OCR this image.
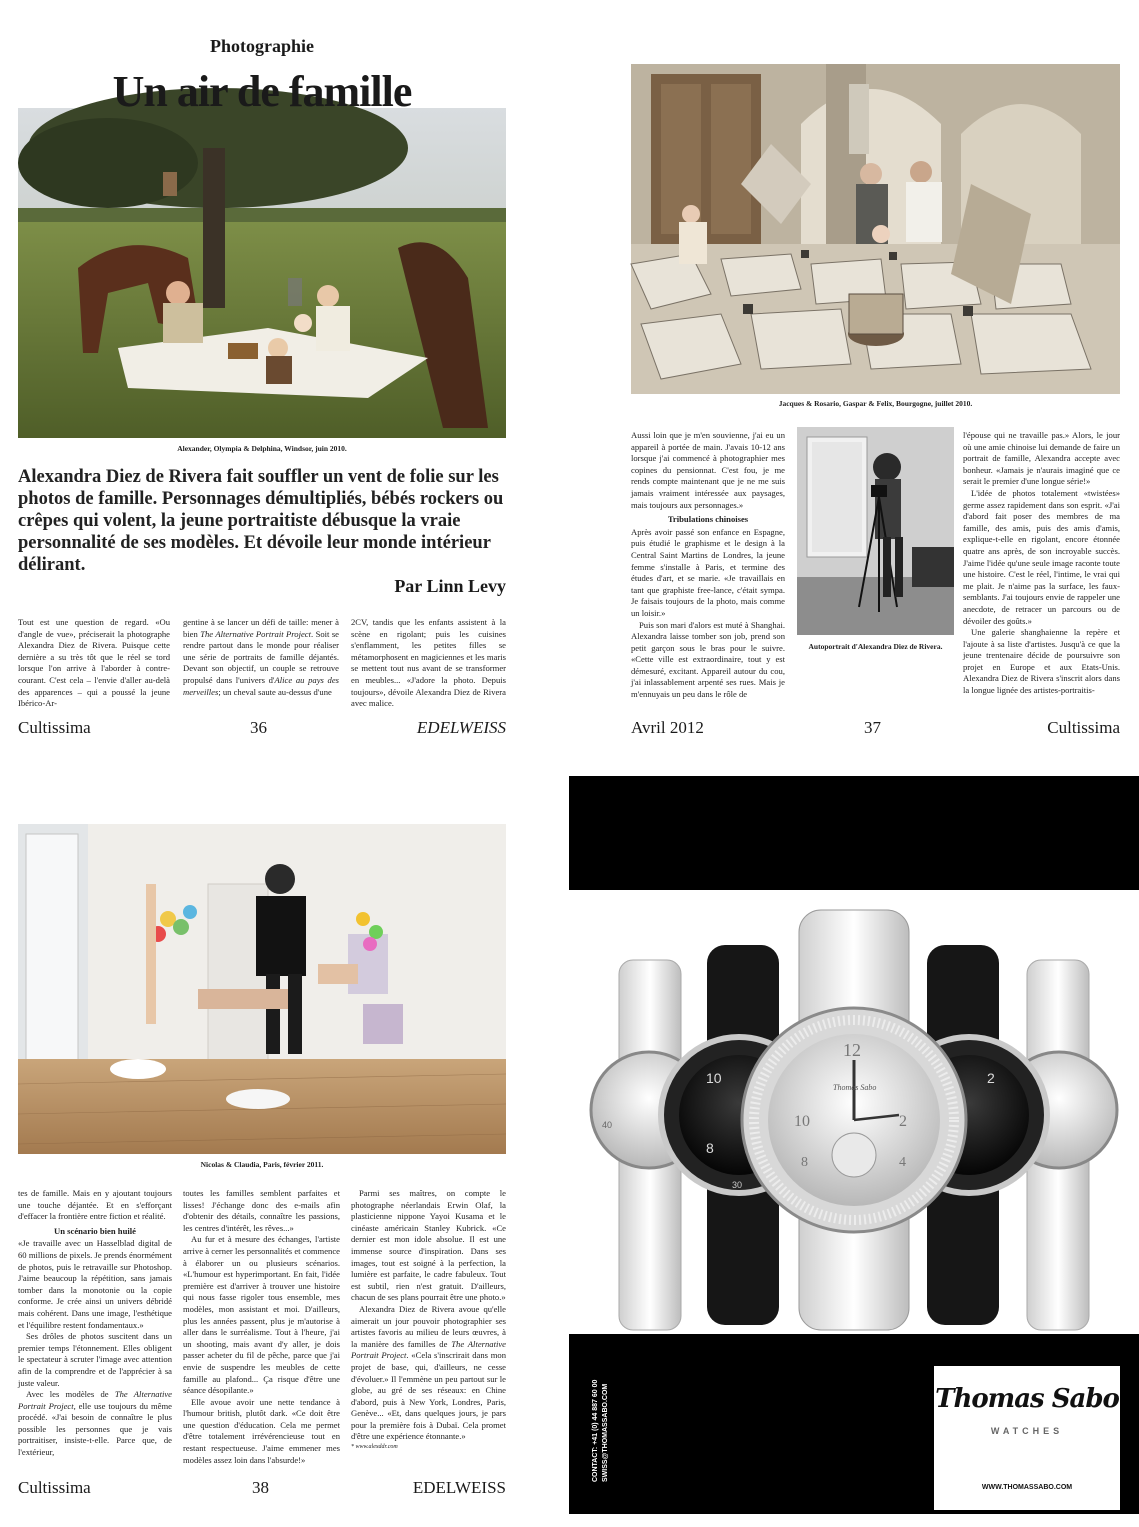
Photographie
Un air de famille
Alexander, Olympia & Delphina, Windsor, juin 2010.
Alexandra Diez de Rivera fait souffler un vent de folie sur les photos de famille. Personnages démultipliés, bébés rockers ou crêpes qui volent, la jeune portraitiste débusque la vraie personnalité de ses modèles. Et dévoile leur monde intérieur délirant.
Par Linn Levy

Tout est une question de regard. «Ou d'angle de vue», préciserait la photographe Alexandra Diez de Rivera. Puisque cette dernière a su très tôt que le réel se tord lorsque l'on arrive à l'aborder à contre-courant. C'est cela – l'envie d'aller au-delà des apparences – qui a poussé la jeune Ibérico-Ar-

gentine à se lancer un défi de taille: mener à bien The Alternative Portrait Project. Soit se rendre partout dans le monde pour réaliser une série de portraits de famille déjantés. Devant son objectif, un couple se retrouve propulsé dans l'univers d'Alice au pays des merveilles; un cheval saute au-dessus d'une

2CV, tandis que les enfants assistent à la scène en rigolant; puis les cuisines s'enflamment, les petites filles se métamorphosent en magiciennes et les maris se mettent tout nus avant de se transformer en meubles... «J'adore la photo. Depuis toujours», dévoile Alexandra Diez de Rivera avec malice.

Cultissima	36	EDELWEISS
Jacques & Rosario, Gaspar & Felix, Bourgogne, juillet 2010.

Aussi loin que je m'en souvienne, j'ai eu un appareil à portée de main. J'avais 10-12 ans lorsque j'ai commencé à photographier mes copines du pensionnat. C'est fou, je me rends compte maintenant que je ne me suis jamais vraiment intéressée aux paysages, mais toujours aux personnages.»

Tribulations chinoises

Après avoir passé son enfance en Espagne, puis étudié le graphisme et le design à la Central Saint Martins de Londres, la jeune femme s'installe à Paris, et termine des études d'art, et se marie. «Je travaillais en tant que graphiste free-lance, c'était sympa. Je faisais toujours de la photo, mais comme un loisir.»

Puis son mari d'alors est muté à Shanghai. Alexandra laisse tomber son job, prend son petit garçon sous le bras pour le suivre. «Cette ville est extraordinaire, tout y est démesuré, excitant. Appareil autour du cou, j'ai inlassablement arpenté ses rues. Mais je m'ennuyais un peu dans le rôle de

Autoportrait d'Alexandra Diez de Rivera.

l'épouse qui ne travaille pas.» Alors, le jour où une amie chinoise lui demande de faire un portrait de famille, Alexandra accepte avec bonheur. «Jamais je n'aurais imaginé que ce serait le premier d'une longue série!»

L'idée de photos totalement «twistées» germe assez rapidement dans son esprit. «J'ai d'abord fait poser des membres de ma famille, des amis, puis des amis d'amis, explique-t-elle en rigolant, encore étonnée quatre ans après, de son incroyable succès. J'aime l'idée qu'une seule image raconte toute une histoire. C'est le réel, l'intime, le vrai qui me plait. Je n'aime pas la surface, les faux-semblants. J'ai toujours envie de rappeler une anecdote, de retracer un parcours ou de dévoiler des goûts.»

Une galerie shanghaienne la repère et l'ajoute à sa liste d'artistes. Jusqu'à ce que la jeune trentenaire décide de poursuivre son projet en Europe et aux Etats-Unis. Alexandra Diez de Rivera s'inscrit alors dans la longue lignée des artistes-portraitis-

Avril 2012	37	Cultissima
Nicolas & Claudia, Paris, février 2011.

tes de famille. Mais en y ajoutant toujours une touche déjantée. Et en s'efforçant d'effacer la frontière entre fiction et réalité.

Un scénario bien huilé

«Je travaille avec un Hasselblad digital de 60 millions de pixels. Je prends énormément de photos, puis le retravaille sur Photoshop. J'aime beaucoup la répétition, sans jamais tomber dans la monotonie ou la copie conforme. Je crée ainsi un univers débridé mais cohérent. Dans une image, l'esthétique et l'équilibre restent fondamentaux.»

Ses drôles de photos suscitent dans un premier temps l'étonnement. Elles obligent le spectateur à scruter l'image avec attention afin de la comprendre et de l'apprécier à sa juste valeur.

Avec les modèles de The Alternative Portrait Project, elle use toujours du même procédé. «J'ai besoin de connaître le plus possible les personnes que je vais portraitiser, insiste-t-elle. Parce que, de l'extérieur,

toutes les familles semblent parfaites et lisses! J'échange donc des e-mails afin d'obtenir des détails, connaître les passions, les centres d'intérêt, les rêves...»

Au fur et à mesure des échanges, l'artiste arrive à cerner les personnalités et commence à élaborer un ou plusieurs scénarios. «L'humour est hyperimportant. En fait, l'idée première est d'arriver à trouver une histoire qui nous fasse rigoler tous ensemble, mes modèles, mon assistant et moi. D'ailleurs, plus les années passent, plus je m'autorise à aller dans le surréalisme. Tout à l'heure, j'ai un shooting, mais avant d'y aller, je dois passer acheter du fil de pêche, parce que j'ai envie de suspendre les meubles de cette famille au plafond... Ça risque d'être une séance désopilante.»

Elle avoue avoir une nette tendance à l'humour british, plutôt dark. «Ce doit être une question d'éducation. Cela me permet d'être totalement irrévérencieuse tout en restant respectueuse. J'aime emmener mes modèles assez loin dans l'absurde!»

Parmi ses maîtres, on compte le photographe néerlandais Erwin Olaf, la plasticienne nippone Yayoi Kusama et le cinéaste américain Stanley Kubrick. «Ce dernier est mon idole absolue. Il est une immense source d'inspiration. Dans ses images, tout est soigné à la perfection, la lumière est parfaite, le cadre fabuleux. Tout est subtil, rien n'est gratuit. D'ailleurs, chacun de ses plans pourrait être une photo.»

Alexandra Diez de Rivera avoue qu'elle aimerait un jour pouvoir photographier ses artistes favoris au milieu de leurs œuvres, à la manière des familles de The Alternative Portrait Project. «Cela s'inscrirait dans mon projet de base, qui, d'ailleurs, ne cesse d'évoluer.» Il l'emmène un peu partout sur le globe, au gré de ses réseaux: en Chine d'abord, puis à New York, Londres, Paris, Genève... «Et, dans quelques jours, je pars pour la première fois à Dubaï. Cela promet d'être une expérience étonnante.»

* www.alexddr.com
Cultissima	38	EDELWEISS
12
10	2
8	4
10	2
8
40
30
Thomas Sabo
CONTACT: +41 (0) 44 887 60 00 SWISS@THOMASSABO.COM	Thomas Sabo
WATCHES
WWW.THOMASSABO.COM
